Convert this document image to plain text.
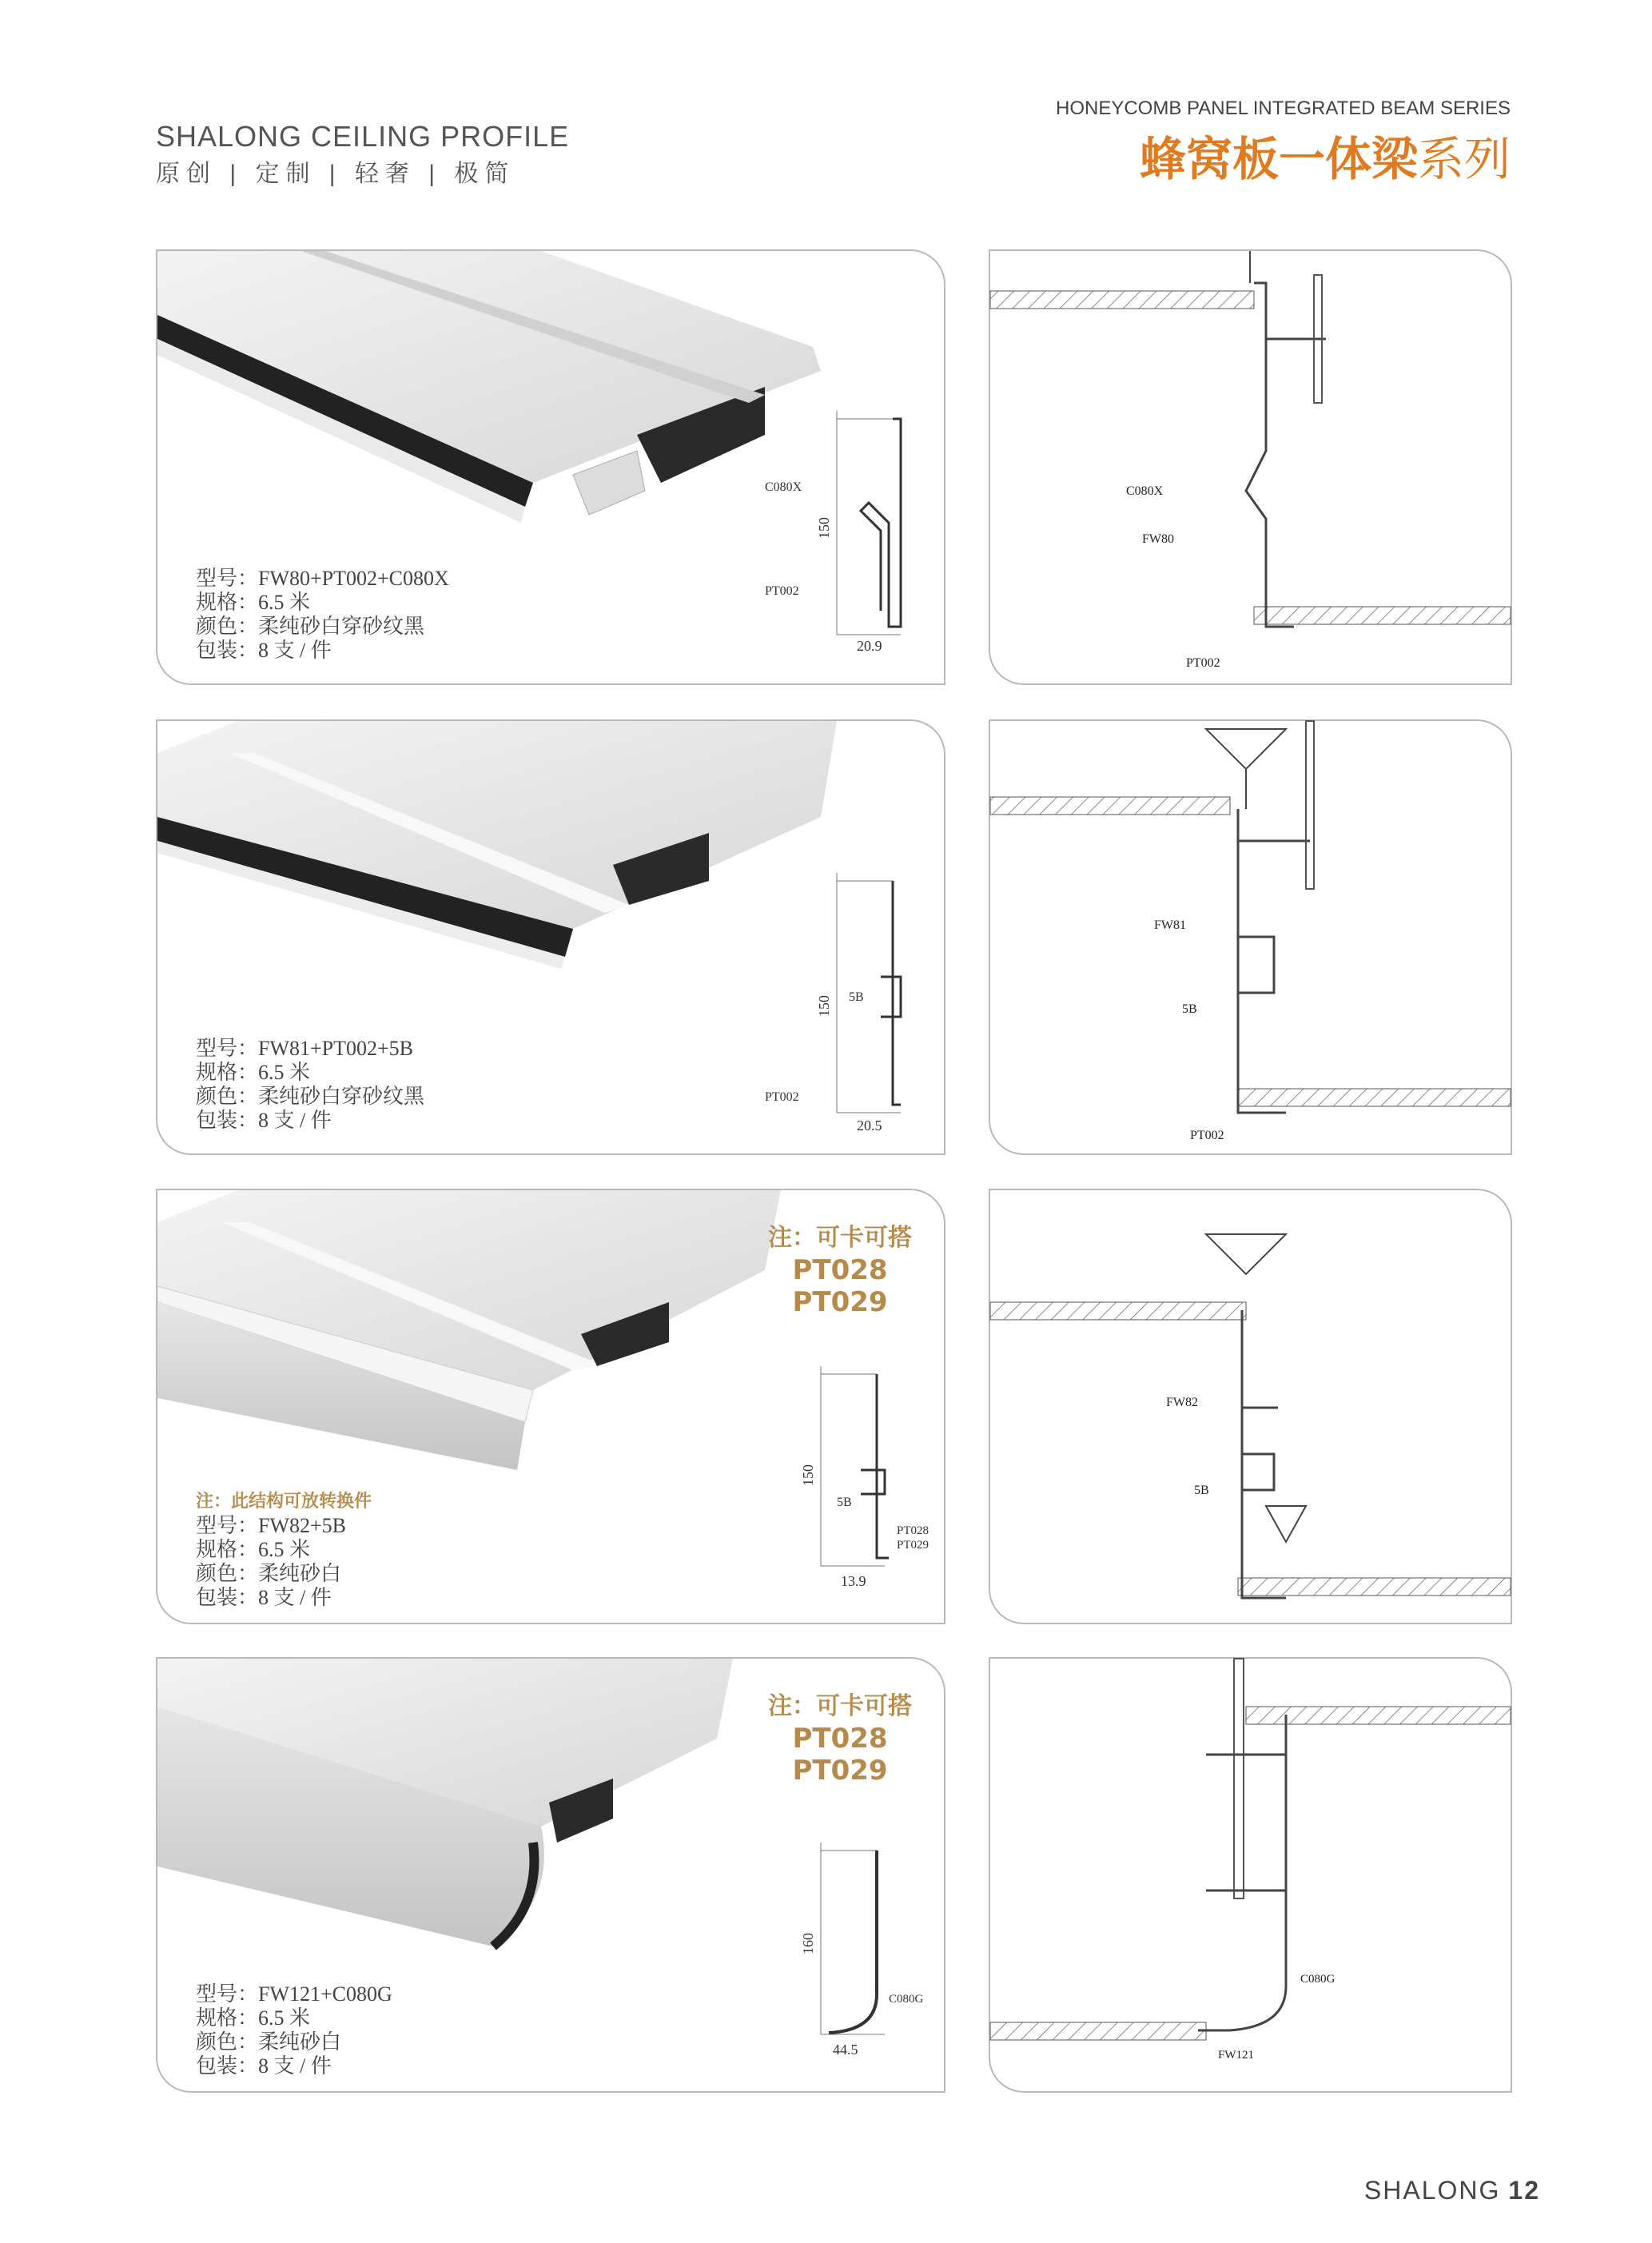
SHALONG CEILING PROFILE
原创 | 定制 | 轻奢 | 极简
HONEYCOMB PANEL INTEGRATED BEAM SERIES
蜂窝板一体梁系列
150
C080X
PT002
20.9
型号：FW80+PT002+C080X
规格：6.5 米
颜色：柔纯砂白穿砂纹黑
包装：8 支 / 件
C080X
FW80
PT002
150 5B
PT002
20.5
型号：FW81+PT002+5B
规格：6.5 米
颜色：柔纯砂白穿砂纹黑
包装：8 支 / 件
FW81
5B
PT002
注：可卡可搭
PT028
PT029
注：此结构可放转换件
150
5B
PT028
PT029
13.9
型号：FW82+5B
规格：6.5 米
颜色：柔纯砂白
包装：8 支 / 件
FW82
5B
注：可卡可搭
PT028
PT029
160
C080G
44.5
型号：FW121+C080G
规格：6.5 米
颜色：柔纯砂白
包装：8 支 / 件
C080G
FW121
SHALONG 12
